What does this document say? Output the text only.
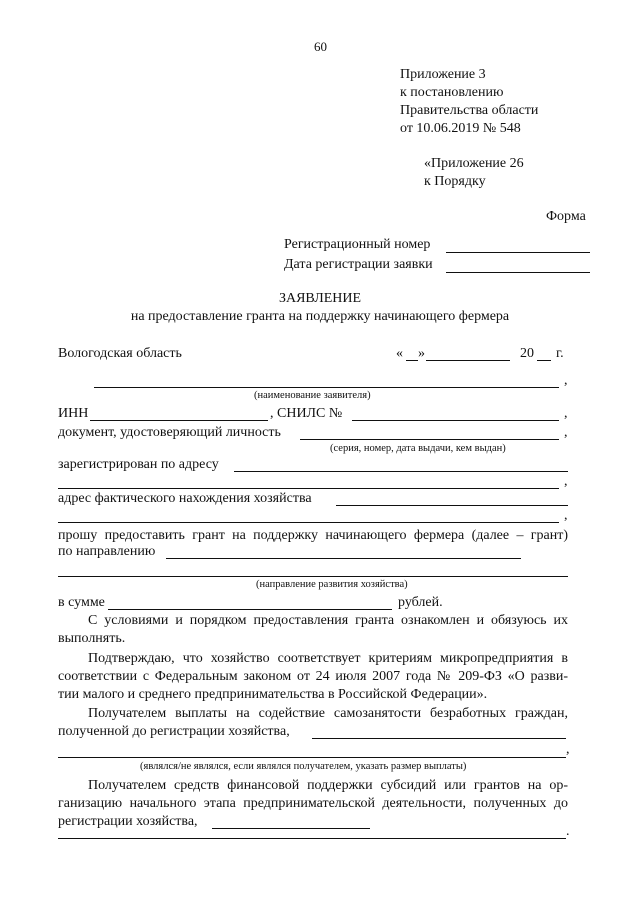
60
Приложение 3
к постановлению
Правительства области
от 10.06.2019 № 548
«Приложение 26
к Порядку
Форма
Регистрационный номер
Дата регистрации заявки
ЗАЯВЛЕНИЕ
на предоставление гранта на поддержку начинающего фермера
Вологодская область	« »	20 г.
,
(наименование заявителя)
ИНН	, СНИЛС №	,
документ, удостоверяющий личность	,
(серия, номер, дата выдачи, кем выдан)
зарегистрирован по адресу
,
адрес фактического нахождения хозяйства
,
прошу предоставить грант на поддержку начинающего фермера (далее – грант)
по направлению
(направление развития хозяйства)
в сумме	рублей.
С условиями и порядком предоставления гранта ознакомлен и обязуюсь их
выполнять.
Подтверждаю, что хозяйство соответствует критериям микропредприятия в
соответствии с Федеральным законом от 24 июля 2007 года № 209-ФЗ «О разви-
тии малого и среднего предпринимательства в Российской Федерации».
Получателем выплаты на содействие самозанятости безработных граждан,
полученной до регистрации хозяйства,
,
(являлся/не являлся, если являлся получателем, указать размер выплаты)
Получателем средств финансовой поддержки субсидий или грантов на ор-
ганизацию начального этапа предпринимательской деятельности, полученных до
регистрации хозяйства,
.
